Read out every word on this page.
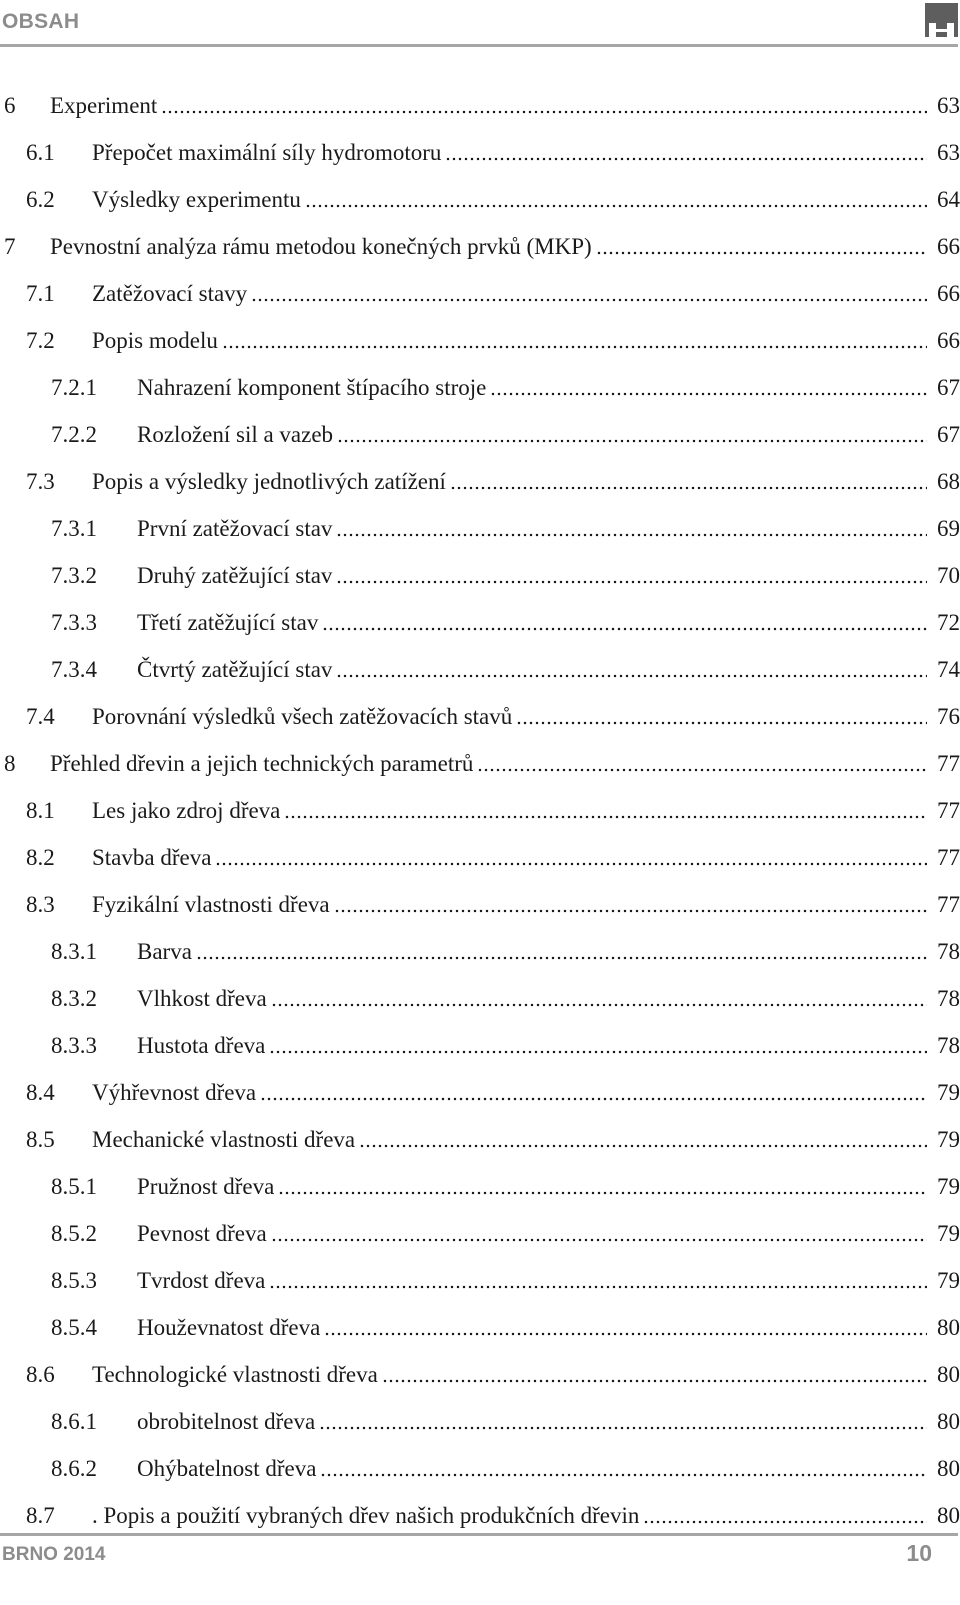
OBSAH
6	Experiment	63
6.1	Přepočet maximální síly hydromotoru	63
6.2	Výsledky experimentu	64
7	Pevnostní analýza rámu metodou konečných prvků (MKP)	66
7.1	Zatěžovací stavy	66
7.2	Popis modelu	66
7.2.1	Nahrazení komponent štípacího stroje	67
7.2.2	Rozložení sil a vazeb	67
7.3	Popis a výsledky jednotlivých zatížení	68
7.3.1	První zatěžovací stav	69
7.3.2	Druhý zatěžující stav	70
7.3.3	Třetí zatěžující stav	72
7.3.4	Čtvrtý zatěžující stav	74
7.4	Porovnání výsledků všech zatěžovacích stavů	76
8	Přehled dřevin a jejich technických parametrů	77
8.1	Les jako zdroj dřeva	77
8.2	Stavba dřeva	77
8.3	Fyzikální vlastnosti dřeva	77
8.3.1	Barva	78
8.3.2	Vlhkost dřeva	78
8.3.3	Hustota dřeva	78
8.4	Výhřevnost dřeva	79
8.5	Mechanické vlastnosti dřeva	79
8.5.1	Pružnost dřeva	79
8.5.2	Pevnost dřeva	79
8.5.3	Tvrdost dřeva	79
8.5.4	Houževnatost dřeva	80
8.6	Technologické vlastnosti dřeva	80
8.6.1	obrobitelnost dřeva	80
8.6.2	Ohýbatelnost dřeva	80
8.7	. Popis a použití vybraných dřev našich produkčních dřevin	80
BRNO 2014	10
